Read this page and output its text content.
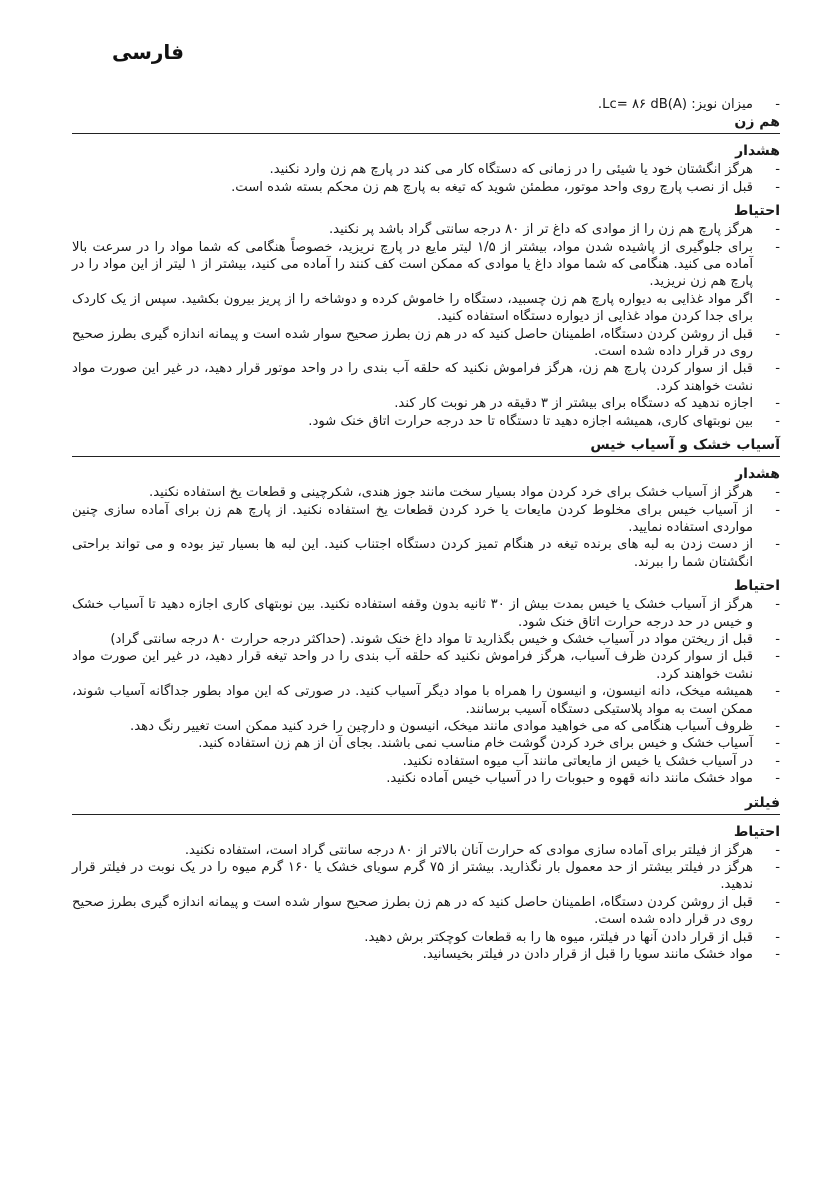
فارسی
- میزان نویز: Lc= ۸۶ dB(A).
هم زن
هشدار
- هرگز انگشتان خود یا شیئی را در زمانی که دستگاه کار می کند در پارچ هم زن وارد نکنید.
- قبل از نصب پارچ روی واحد موتور، مطمئن شوید که تیغه به پارچ هم زن محکم بسته شده است.
احتیاط
- هرگز پارچ هم زن را از موادی که داغ تر از ۸۰ درجه سانتی گراد باشد پر نکنید.
- برای جلوگیری از پاشیده شدن مواد، بیشتر از ۱/۵ لیتر مایع در پارچ نریزید، خصوصاً هنگامی که شما مواد را در سرعت بالا آماده می کنید. هنگامی که شما مواد داغ یا موادی که ممکن است کف کنند را آماده می کنید، بیشتر از ۱ لیتر از این مواد را در پارچ هم زن نریزید.
- اگر مواد غذایی به دیواره پارچ هم زن چسبید، دستگاه را خاموش کرده و دوشاخه را از پریز بیرون بکشید. سپس از یک کاردک برای جدا کردن مواد غذایی از دیواره دستگاه استفاده کنید.
- قبل از روشن کردن دستگاه، اطمینان حاصل کنید که در هم زن بطرز صحیح سوار شده است و پیمانه اندازه گیری بطرز صحیح روی در قرار داده شده است.
- قبل از سوار کردن پارچ هم زن، هرگز فراموش نکنید که حلقه آب بندی را در واحد موتور قرار دهید، در غیر این صورت مواد نشت خواهند کرد.
- اجازه ندهید که دستگاه برای بیشتر از ۳ دقیقه در هر نوبت کار کند.
- بین نوبتهای کاری، همیشه اجازه دهید تا دستگاه تا حد درجه حرارت اتاق خنک شود.
آسیاب خشک و آسیاب خیس
هشدار
- هرگز از آسیاب خشک برای خرد کردن مواد بسیار سخت مانند جوز هندی، شکرچینی و قطعات یخ استفاده نکنید.
- از آسیاب خیس برای مخلوط کردن مایعات یا خرد کردن قطعات یخ استفاده نکنید. از پارچ هم زن برای آماده سازی چنین مواردی استفاده نمایید.
- از دست زدن به لبه های برنده تیغه در هنگام تمیز کردن دستگاه اجتناب کنید. این لبه ها بسیار تیز بوده و می تواند براحتی انگشتان شما را ببرند.
احتیاط
- هرگز از آسیاب خشک یا خیس بمدت بیش از ۳۰ ثانیه بدون وقفه استفاده نکنید. بین نوبتهای کاری اجازه دهید تا آسیاب خشک و خیس در حد درجه حرارت اتاق خنک شود.
- قبل از ریختن مواد در آسیاب خشک و خیس بگذارید تا مواد داغ خنک شوند. (حداکثر درجه حرارت ۸۰ درجه سانتی گراد)
- قبل از سوار کردن ظرف آسیاب، هرگز فراموش نکنید که حلقه آب بندی را در واحد تیغه قرار دهید، در غیر این صورت مواد نشت خواهند کرد.
- همیشه میخک، دانه انیسون، و انیسون را همراه با مواد دیگر آسیاب کنید. در صورتی که این مواد بطور جداگانه آسیاب شوند، ممکن است به مواد پلاستیکی دستگاه آسیب برسانند.
- ظروف آسیاب هنگامی که می خواهید موادی مانند میخک، انیسون و دارچین را خرد کنید ممکن است تغییر رنگ دهد.
- آسیاب خشک و خیس برای خرد کردن گوشت خام مناسب نمی باشند. بجای آن از هم زن استفاده کنید.
- در آسیاب خشک یا خیس از مایعاتی مانند آب میوه استفاده نکنید.
- مواد خشک مانند دانه قهوه و حبوبات را در آسیاب خیس آماده نکنید.
فیلتر
احتیاط
- هرگز از فیلتر برای آماده سازی موادی که حرارت آنان بالاتر از ۸۰ درجه سانتی گراد است، استفاده نکنید.
- هرگز در فیلتر بیشتر از حد معمول بار نگذارید. بیشتر از ۷۵ گرم سویای خشک یا ۱۶۰ گرم میوه را در یک نوبت در فیلتر قرار ندهید.
- قبل از روشن کردن دستگاه، اطمینان حاصل کنید که در هم زن بطرز صحیح سوار شده است و پیمانه اندازه گیری بطرز صحیح روی در قرار داده شده است.
- قبل از قرار دادن آنها در فیلتر، میوه ها را به قطعات کوچکتر برش دهید.
- مواد خشک مانند سویا را قبل از قرار دادن در فیلتر بخیسانید.
